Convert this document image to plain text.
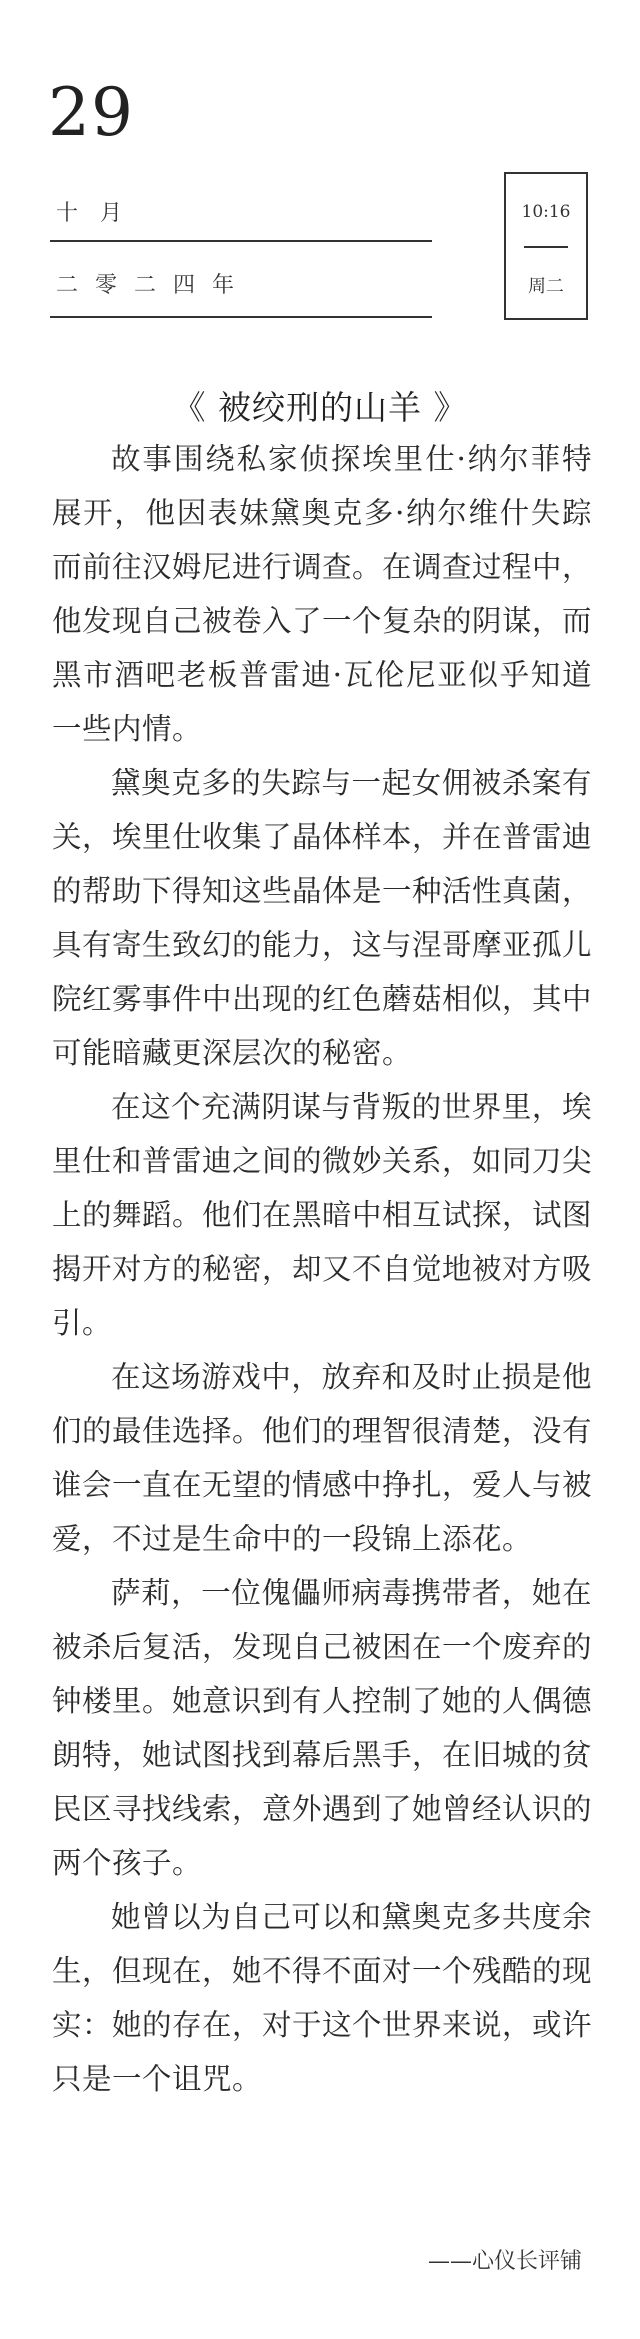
29
十月
二零二四年
10:16
周二
《 被绞刑的山羊 》

故事围绕私家侦探埃里仕·纳尔菲特展开，他因表妹黛奥克多·纳尔维什失踪而前往汉姆尼进行调查。在调查过程中，他发现自己被卷入了一个复杂的阴谋，而黑市酒吧老板普雷迪·瓦伦尼亚似乎知道一些内情。

黛奥克多的失踪与一起女佣被杀案有关，埃里仕收集了晶体样本，并在普雷迪的帮助下得知这些晶体是一种活性真菌，具有寄生致幻的能力，这与涅哥摩亚孤儿院红雾事件中出现的红色蘑菇相似，其中可能暗藏更深层次的秘密。

在这个充满阴谋与背叛的世界里，埃里仕和普雷迪之间的微妙关系，如同刀尖上的舞蹈。他们在黑暗中相互试探，试图揭开对方的秘密，却又不自觉地被对方吸引。

在这场游戏中，放弃和及时止损是他们的最佳选择。他们的理智很清楚，没有谁会一直在无望的情感中挣扎，爱人与被爱，不过是生命中的一段锦上添花。

萨莉，一位傀儡师病毒携带者，她在被杀后复活，发现自己被困在一个废弃的钟楼里。她意识到有人控制了她的人偶德朗特，她试图找到幕后黑手，在旧城的贫民区寻找线索，意外遇到了她曾经认识的两个孩子。

她曾以为自己可以和黛奥克多共度余生，但现在，她不得不面对一个残酷的现实：她的存在，对于这个世界来说，或许只是一个诅咒。

——心仪长评铺
